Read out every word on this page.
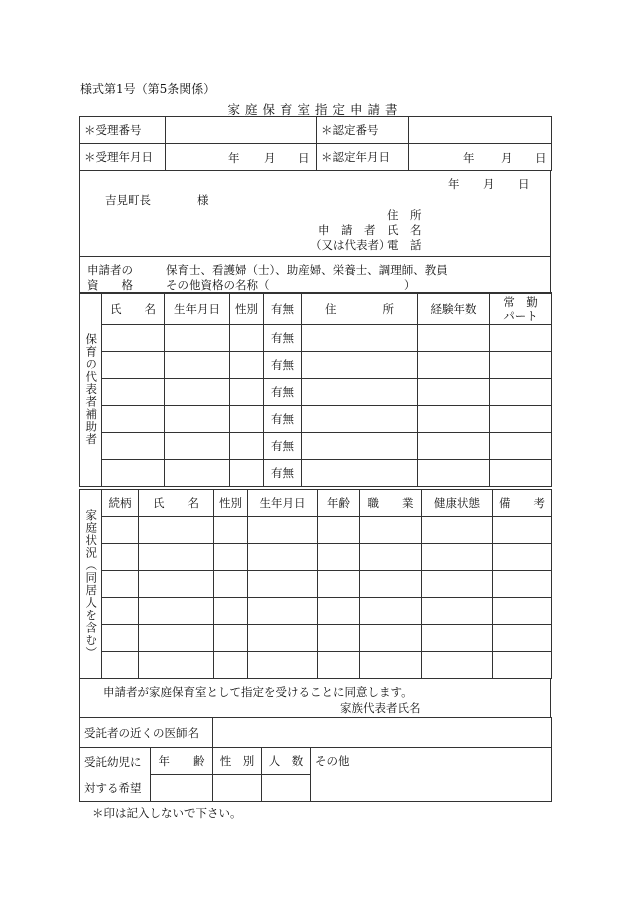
様式第1号（第5条関係）
家庭保育室指定申請書
＊受理番号		＊認定番号	
＊受理年月日	年 月 日	＊認定年月日	年 月 日
年 月 日
吉見町長	様
住　所
申　請　者 氏　名
（又は代表者）
電　話
申請者の
資　　格
保育士、看護婦（士）、助産婦、栄養士、調理師、教員
その他資格の名称（	）
保育の代表者補助者	氏　　名	生年月日	性別	有無	住　　　　所	経験年数	常　勤
パート

				有無			
				有無			
				有無			
				有無			
				有無			
				有無			
家庭状況（同居人を含む）	続柄	氏　　名	性別	生年月日	年齢	職　　業	健康状態	備　　考

申請者が家庭保育室として指定を受けることに同意します。
家族代表者氏名
受託者の近くの医師名	
受託幼児に
対する希望	年　　齢	性　別	人　数	その他

＊印は記入しないで下さい。
